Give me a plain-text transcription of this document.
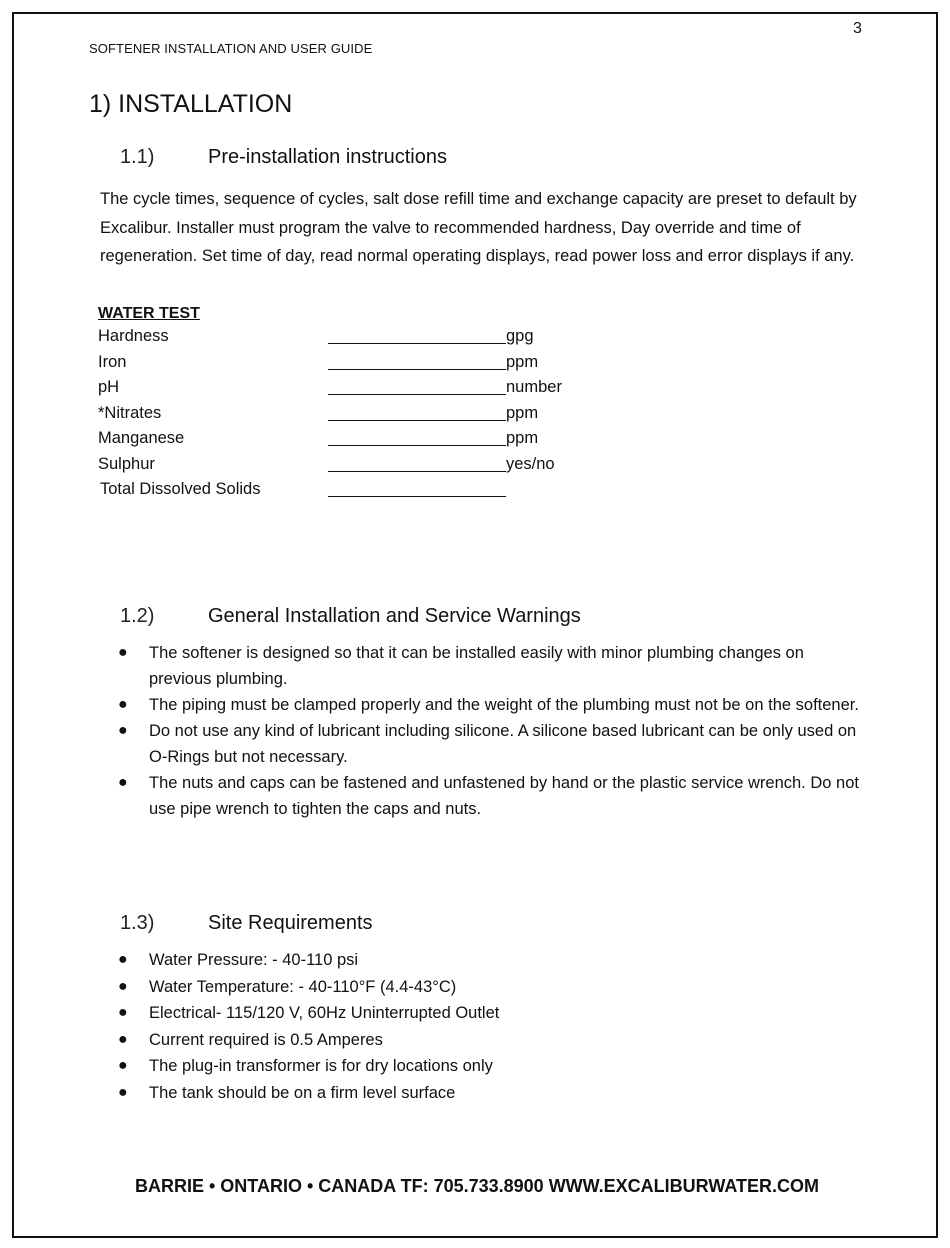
3
SOFTENER INSTALLATION AND USER GUIDE
1) INSTALLATION
1.1)	Pre-installation instructions

The cycle times, sequence of cycles, salt dose refill time and exchange capacity are preset to default by Excalibur. Installer must program the valve to recommended hardness, Day override and time of regeneration. Set time of day, read normal operating displays, read power loss and error displays if any.

WATER TEST
Hardness	gpg
Iron	ppm
pH	number
*Nitrates	ppm
Manganese	ppm
Sulphur	yes/no
Total Dissolved Solids
1.2)	General Installation and Service Warnings
● The softener is designed so that it can be installed easily with minor plumbing changes on previous plumbing.
● The piping must be clamped properly and the weight of the plumbing must not be on the softener.
● Do not use any kind of lubricant including silicone. A silicone based lubricant can be only used on O-Rings but not necessary.
● The nuts and caps can be fastened and unfastened by hand or the plastic service wrench. Do not use pipe wrench to tighten the caps and nuts.
1.3)	Site Requirements
● Water Pressure: - 40-110 psi
● Water Temperature: - 40-110°F (4.4-43°C)
● Electrical- 115/120 V, 60Hz Uninterrupted Outlet
● Current required is 0.5 Amperes
● The plug-in transformer is for dry locations only
● The tank should be on a firm level surface
BARRIE • ONTARIO • CANADA TF: 705.733.8900 WWW.EXCALIBURWATER.COM
